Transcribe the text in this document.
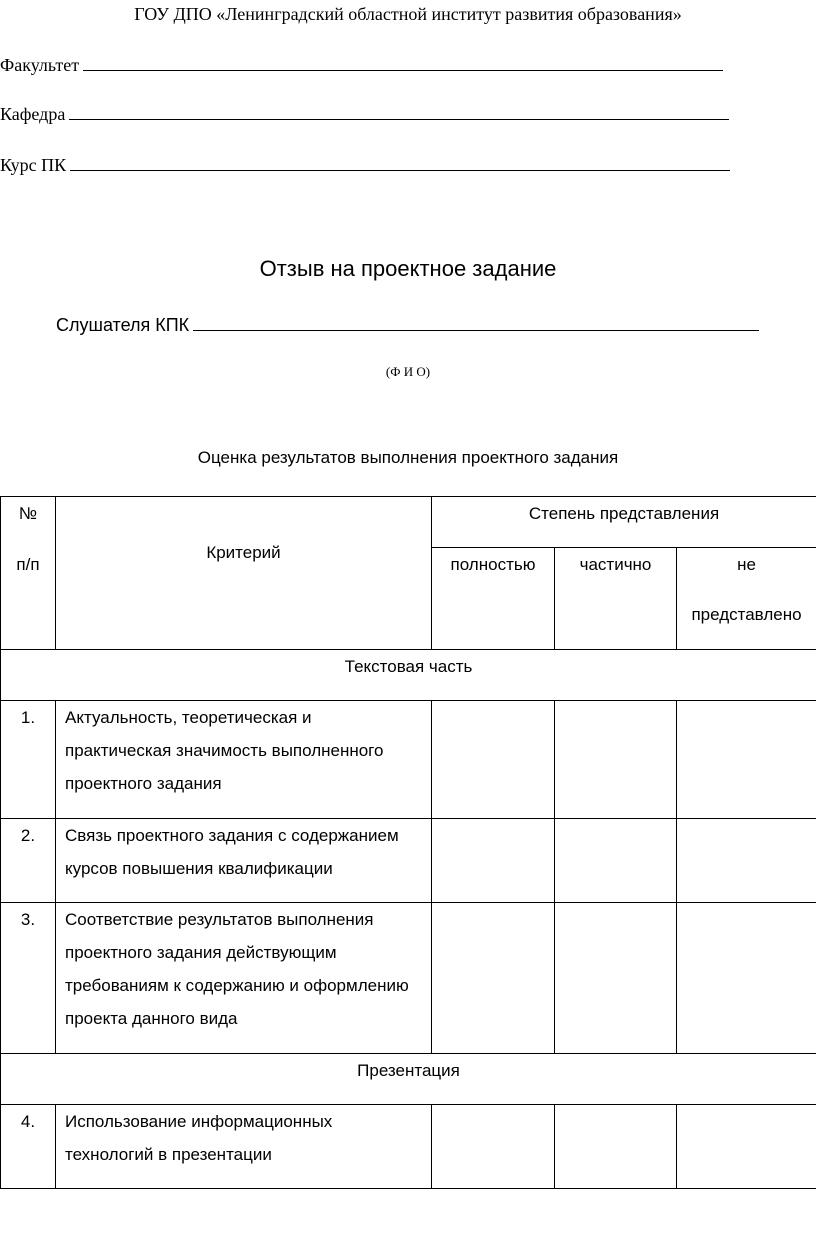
ГОУ ДПО «Ленинградский областной институт развития образования»
Факультет
Кафедра
Курс ПК
Отзыв на проектное задание
Слушателя КПК
(Ф И О)
Оценка результатов выполнения проектного задания
№
п/п	Критерий	Степень представления		
		полностью	частично	не
представлено

Текстовая часть				
1.	Актуальность, теоретическая и
практическая значимость выполненного
проектного задания			

2.	Связь проектного задания с содержанием
курсов повышения квалификации			

3.	Соответствие результатов выполнения
проектного задания действующим
требованиям к содержанию и оформлению
проекта данного вида			

Презентация				
4.	Использование информационных
технологий в презентации			
